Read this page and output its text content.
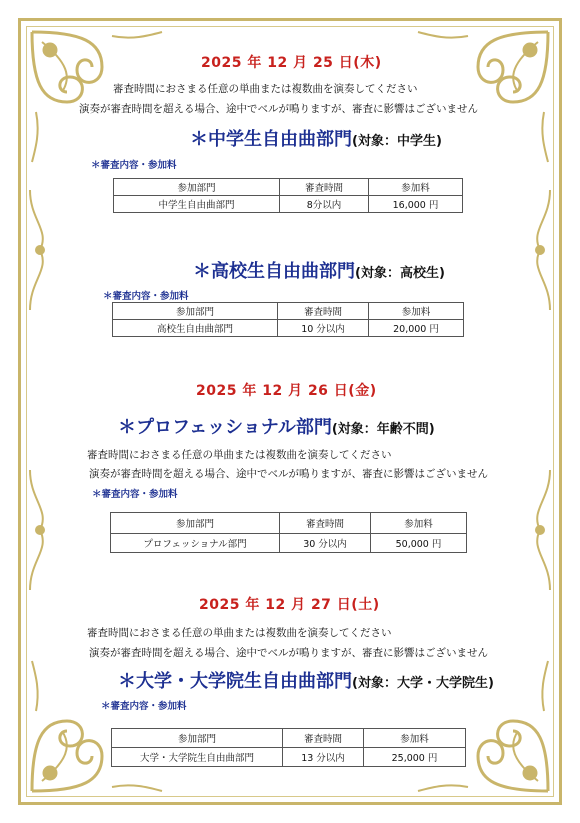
2025 年 12 月 25 日(木)
審査時間におさまる任意の単曲または複数曲を演奏してください
演奏が審査時間を超える場合、途中でベルが鳴りますが、審査に影響はございません
＊中学生自由曲部門(対象：中学生)
＊審査内容・参加料
参加部門	審査時間	参加料
中学生自由曲部門	8分以内	16,000 円
＊高校生自由曲部門(対象：高校生)
＊審査内容・参加料
参加部門	審査時間	参加料
高校生自由曲部門	10 分以内	20,000 円
2025 年 12 月 26 日(金)
＊プロフェッショナル部門(対象：年齢不問)
審査時間におさまる任意の単曲または複数曲を演奏してください
演奏が審査時間を超える場合、途中でベルが鳴りますが、審査に影響はございません
＊審査内容・参加料
参加部門	審査時間	参加料
プロフェッショナル部門	30 分以内	50,000 円
2025 年 12 月 27 日(土)
審査時間におさまる任意の単曲または複数曲を演奏してください
演奏が審査時間を超える場合、途中でベルが鳴りますが、審査に影響はございません
＊大学・大学院生自由曲部門(対象：大学・大学院生)
＊審査内容・参加料
参加部門	審査時間	参加料
大学・大学院生自由曲部門	13 分以内	25,000 円
